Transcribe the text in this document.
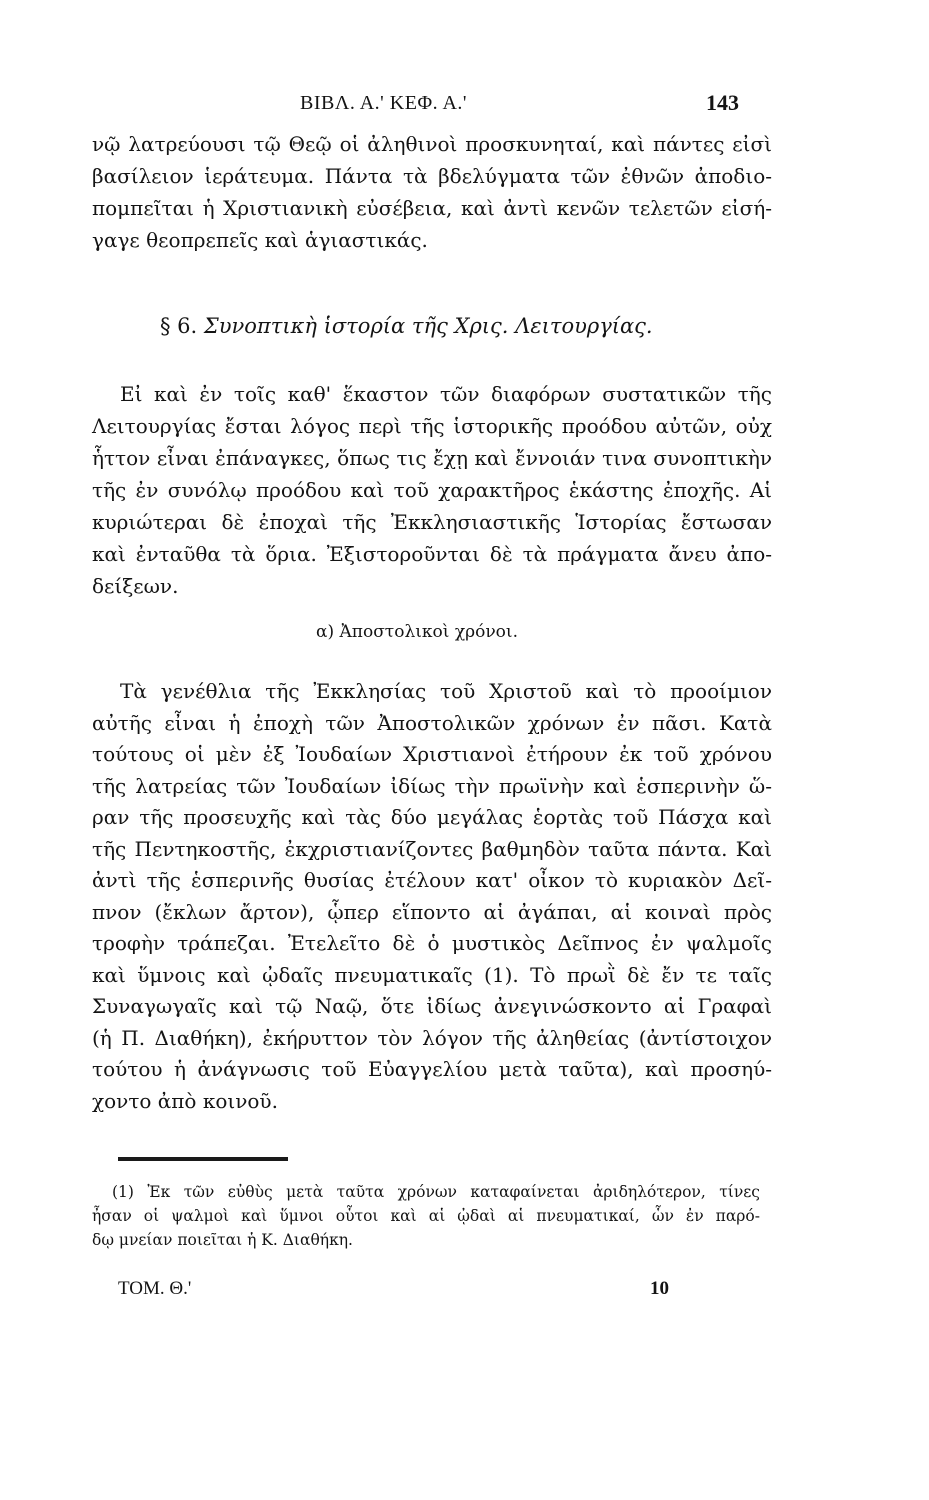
ΒΙΒΛ. Α.' ΚΕΦ. Α.'	143
νῷ λατρεύουσι τῷ Θεῷ οἱ ἀληθινοὶ προσκυνηταί, καὶ πάντες εἰσὶ
βασίλειον ἱεράτευμα. Πάντα τὰ βδελύγματα τῶν ἐθνῶν ἀποδιο-
πομπεῖται ἡ Χριστιανικὴ εὐσέβεια, καὶ ἀντὶ κενῶν τελετῶν εἰσή-
γαγε θεοπρεπεῖς καὶ ἁγιαστικάς.
§ 6. Συνοπτικὴ ἱστορία τῆς Χρις. Λειτουργίας.
Εἰ καὶ ἐν τοῖς καθ' ἕκαστον τῶν διαφόρων συστατικῶν τῆς
Λειτουργίας ἔσται λόγος περὶ τῆς ἱστορικῆς προόδου αὐτῶν, οὐχ
ἧττον εἶναι ἐπάναγκες, ὅπως τις ἔχῃ καὶ ἔννοιάν τινα συνοπτικὴν
τῆς ἐν συνόλῳ προόδου καὶ τοῦ χαρακτῆρος ἑκάστης ἐποχῆς. Αἱ
κυριώτεραι δὲ ἐποχαὶ τῆς Ἐκκλησιαστικῆς Ἱστορίας ἔστωσαν
καὶ ἐνταῦθα τὰ ὅρια. Ἐξιστοροῦνται δὲ τὰ πράγματα ἄνευ ἀπο-
δείξεων.
α) Ἀποστολικοὶ χρόνοι.
Τὰ γενέθλια τῆς Ἐκκλησίας τοῦ Χριστοῦ καὶ τὸ προοίμιον
αὐτῆς εἶναι ἡ ἐποχὴ τῶν Ἀποστολικῶν χρόνων ἐν πᾶσι. Κατὰ
τούτους οἱ μὲν ἐξ Ἰουδαίων Χριστιανοὶ ἐτήρουν ἐκ τοῦ χρόνου
τῆς λατρείας τῶν Ἰουδαίων ἰδίως τὴν πρωϊνὴν καὶ ἑσπερινὴν ὥ-
ραν τῆς προσευχῆς καὶ τὰς δύο μεγάλας ἑορτὰς τοῦ Πάσχα καὶ
τῆς Πεντηκοστῆς, ἐκχριστιανίζοντες βαθμηδὸν ταῦτα πάντα. Καὶ
ἀντὶ τῆς ἑσπερινῆς θυσίας ἐτέλουν κατ' οἶκον τὸ κυριακὸν Δεῖ-
πνον (ἔκλων ἄρτον), ᾧπερ εἵποντο αἱ ἀγάπαι, αἱ κοιναὶ πρὸς
τροφὴν τράπεζαι. Ἐτελεῖτο δὲ ὁ μυστικὸς Δεῖπνος ἐν ψαλμοῖς
καὶ ὕμνοις καὶ ᾠδαῖς πνευματικαῖς (1). Τὸ πρωῒ δὲ ἔν τε ταῖς
Συναγωγαῖς καὶ τῷ Ναῷ, ὅτε ἰδίως ἀνεγινώσκοντο αἱ Γραφαὶ
(ἡ Π. Διαθήκη), ἐκήρυττον τὸν λόγον τῆς ἀληθείας (ἀντίστοιχον
τούτου ἡ ἀνάγνωσις τοῦ Εὐαγγελίου μετὰ ταῦτα), καὶ προσηύ-
χοντο ἀπὸ κοινοῦ.
(1) Ἐκ τῶν εὐθὺς μετὰ ταῦτα χρόνων καταφαίνεται ἀριδηλότερον, τίνες
ἦσαν οἱ ψαλμοὶ καὶ ὕμνοι οὗτοι καὶ αἱ ᾠδαὶ αἱ πνευματικαί, ὧν ἐν παρό-
δῳ μνείαν ποιεῖται ἡ Κ. Διαθήκη.
ΤΟΜ. Θ.'	10
